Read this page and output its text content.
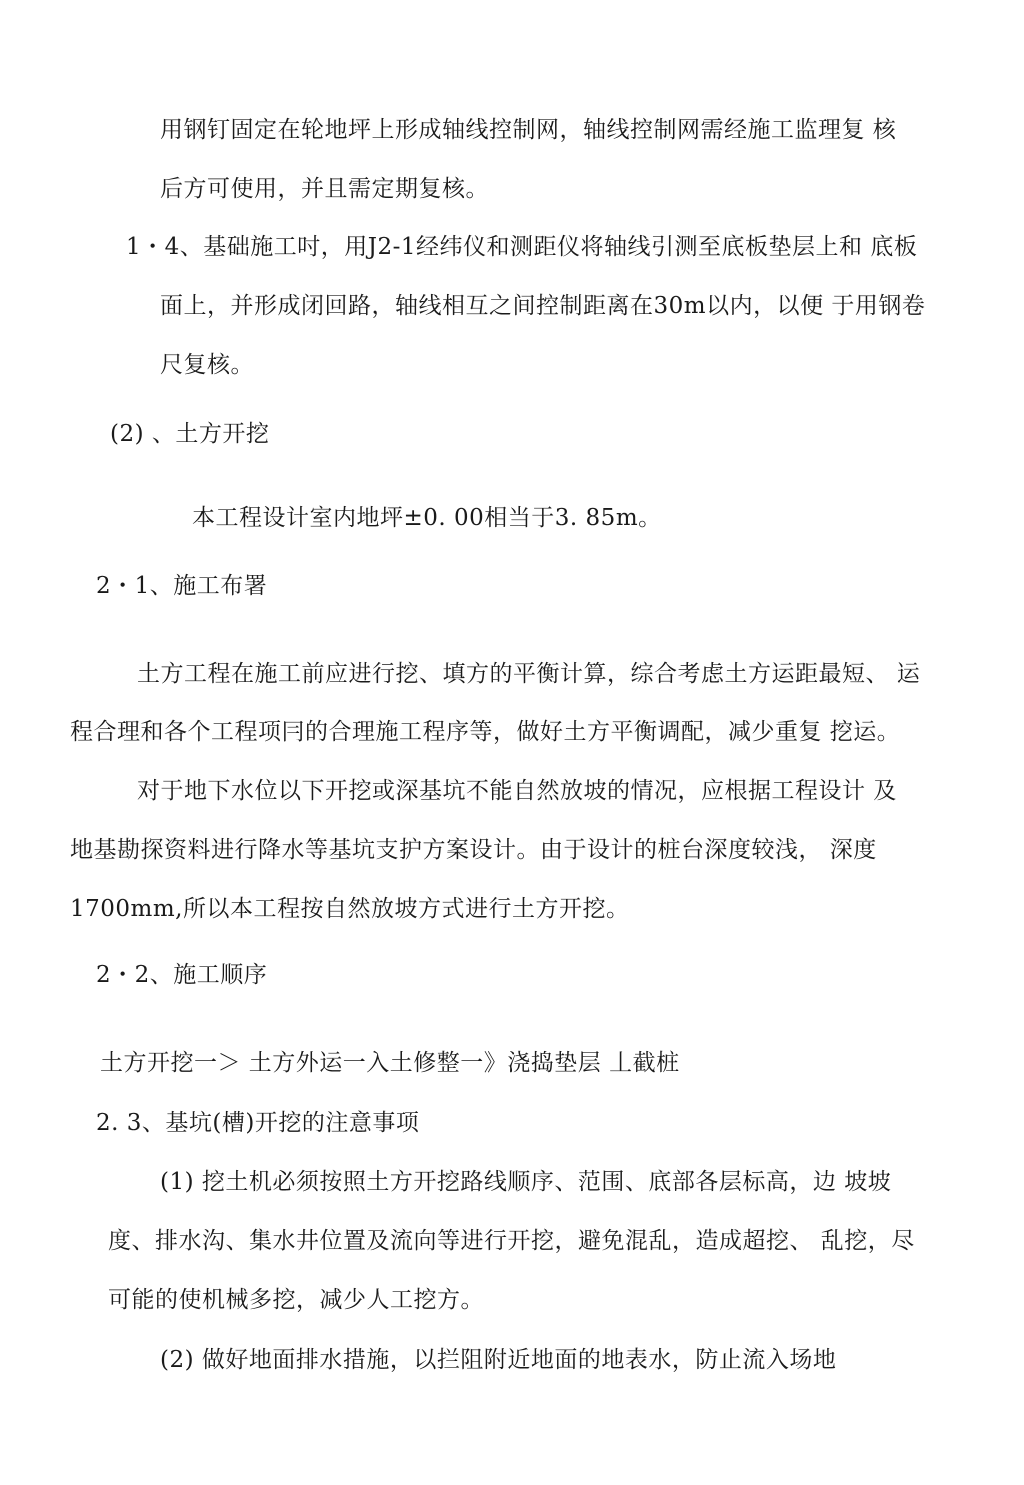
用钢钉固定在轮地坪上形成轴线控制网，轴线控制网需经施工监理复 核
后方可使用，并且需定期复核。
1・4、基础施工吋，用J2-1经纬仪和测距仪将轴线引测至底板垫层上和 底板
面上，并形成闭回路，轴线相互之间控制距离在30m以内，以便 于用钢卷
尺复核。
(2) 、土方开挖
本工程设计室内地坪±0. 00相当于3. 85m。
2・1、施工布署
土方工程在施工前应进行挖、填方的平衡计算，综合考虑土方运距最短、 运
程合理和各个工程项冃的合理施工程序等，做好土方平衡调配，减少重复 挖运。
对于地下水位以下开挖或深基坑不能自然放坡的情况，应根据工程设计 及
地基勘探资料进行降水等基坑支护方案设计。由于设计的桩台深度较浅， 深度
1700mm,所以本工程按自然放坡方式进行土方开挖。
2・2、施工顺序
土方开挖一＞ 土方外运一入土修整一》浇捣垫层 丄截桩
2. 3、基坑(槽)开挖的注意事项
(1) 挖土机必须按照土方开挖路线顺序、范围、底部各层标高，边 坡坡
度、排水沟、集水井位置及流向等进行开挖，避免混乱，造成超挖、 乱挖，尽
可能的使机械多挖，减少人工挖方。
(2) 做好地面排水措施，以拦阻附近地面的地表水，防止流入场地
